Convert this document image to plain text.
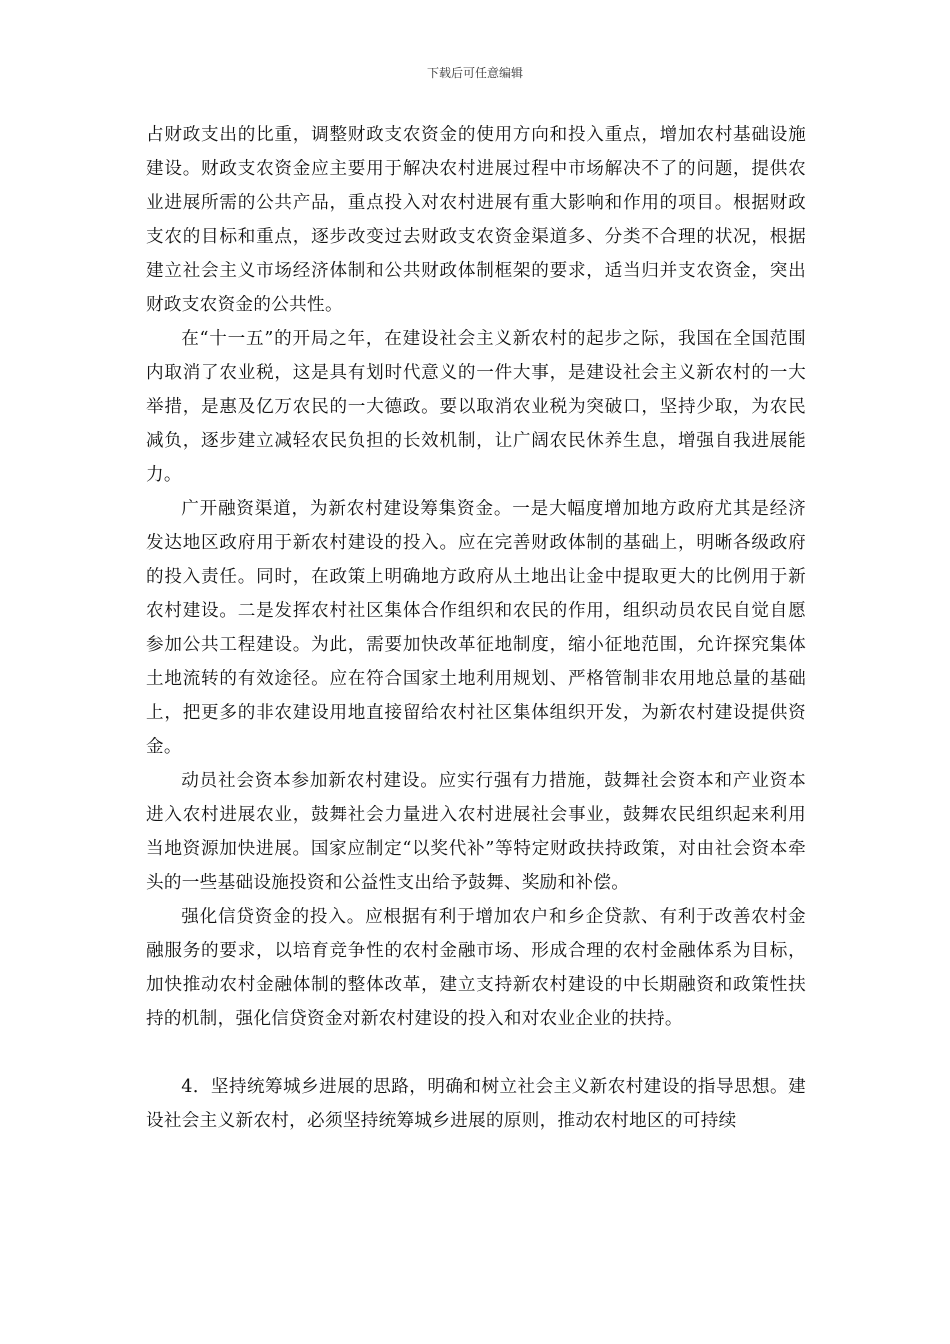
下载后可任意编辑

占财政支出的比重，调整财政支农资金的使用方向和投入重点，增加农村基础设施建设。财政支农资金应主要用于解决农村进展过程中市场解决不了的问题，提供农业进展所需的公共产品，重点投入对农村进展有重大影响和作用的项目。根据财政支农的目标和重点，逐步改变过去财政支农资金渠道多、分类不合理的状况，根据建立社会主义市场经济体制和公共财政体制框架的要求，适当归并支农资金，突出财政支农资金的公共性。

在“十一五”的开局之年，在建设社会主义新农村的起步之际，我国在全国范围内取消了农业税，这是具有划时代意义的一件大事，是建设社会主义新农村的一大举措，是惠及亿万农民的一大德政。要以取消农业税为突破口，坚持少取，为农民减负，逐步建立减轻农民负担的长效机制，让广阔农民休养生息，增强自我进展能力。

广开融资渠道，为新农村建设筹集资金。一是大幅度增加地方政府尤其是经济发达地区政府用于新农村建设的投入。应在完善财政体制的基础上，明晰各级政府的投入责任。同时，在政策上明确地方政府从土地出让金中提取更大的比例用于新农村建设。二是发挥农村社区集体合作组织和农民的作用，组织动员农民自觉自愿参加公共工程建设。为此，需要加快改革征地制度，缩小征地范围，允许探究集体土地流转的有效途径。应在符合国家土地利用规划、严格管制非农用地总量的基础上，把更多的非农建设用地直接留给农村社区集体组织开发，为新农村建设提供资金。

动员社会资本参加新农村建设。应实行强有力措施，鼓舞社会资本和产业资本进入农村进展农业，鼓舞社会力量进入农村进展社会事业，鼓舞农民组织起来利用当地资源加快进展。国家应制定“以奖代补”等特定财政扶持政策，对由社会资本牵头的一些基础设施投资和公益性支出给予鼓舞、奖励和补偿。

强化信贷资金的投入。应根据有利于增加农户和乡企贷款、有利于改善农村金融服务的要求，以培育竞争性的农村金融市场、形成合理的农村金融体系为目标，加快推动农村金融体制的整体改革，建立支持新农村建设的中长期融资和政策性扶持的机制，强化信贷资金对新农村建设的投入和对农业企业的扶持。

4．坚持统筹城乡进展的思路，明确和树立社会主义新农村建设的指导思想。建设社会主义新农村，必须坚持统筹城乡进展的原则，推动农村地区的可持续
